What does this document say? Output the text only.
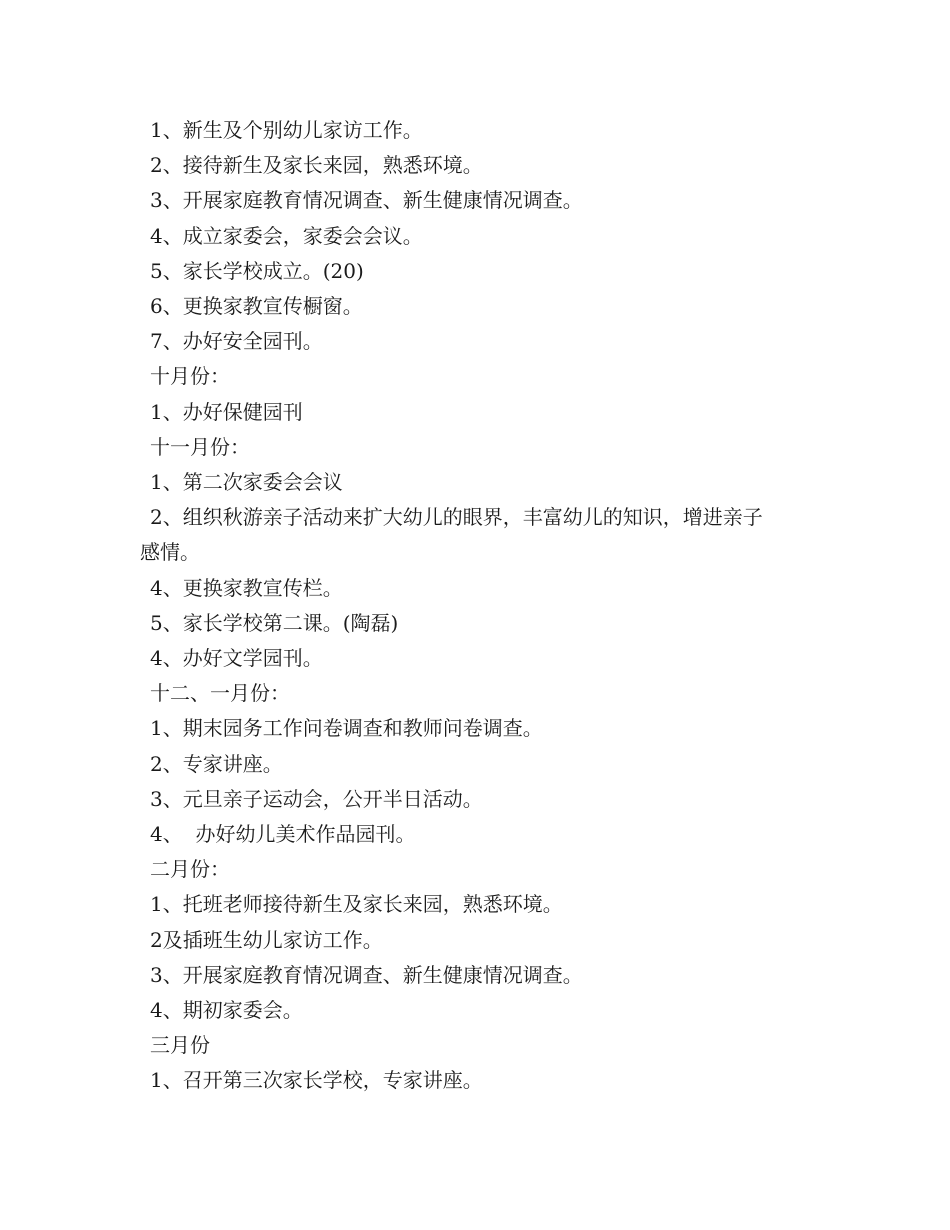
1、新生及个别幼儿家访工作。

2、接待新生及家长来园，熟悉环境。

3、开展家庭教育情况调查、新生健康情况调查。

4、成立家委会，家委会会议。

5、家长学校成立。(20)

6、更换家教宣传橱窗。

7、办好安全园刊。

十月份：

1、办好保健园刊

十一月份：

1、第二次家委会会议

2、组织秋游亲子活动来扩大幼儿的眼界，丰富幼儿的知识，增进亲子

感情。

4、更换家教宣传栏。

5、家长学校第二课。(陶磊)

4、办好文学园刊。

十二、一月份：

1、期末园务工作问卷调查和教师问卷调查。

2、专家讲座。

3、元旦亲子运动会，公开半日活动。

4、  办好幼儿美术作品园刊。

二月份：

1、托班老师接待新生及家长来园，熟悉环境。

2及插班生幼儿家访工作。

3、开展家庭教育情况调查、新生健康情况调查。

4、期初家委会。

三月份

1、召开第三次家长学校，专家讲座。
